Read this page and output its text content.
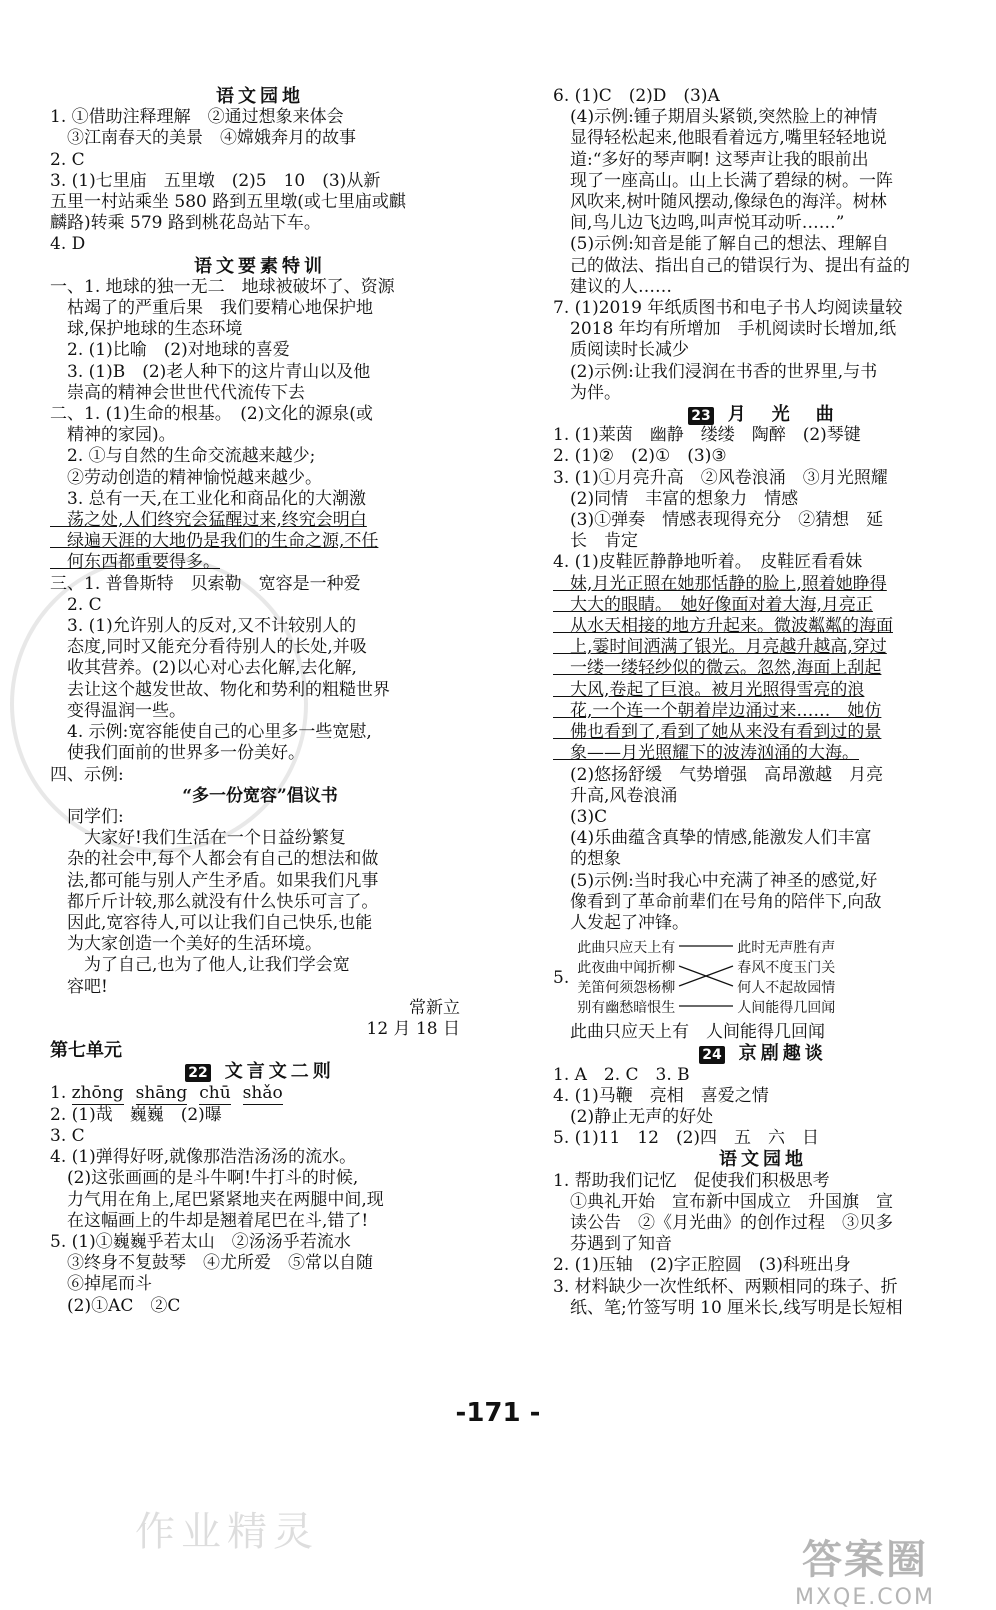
语文园地
1. ①借助注释理解　②通过想象来体会
　③江南春天的美景　④嫦娥奔月的故事
2. C
3. (1)七里庙　五里墩　(2)5　10　(3)从新
五里一村站乘坐 580 路到五里墩(或七里庙或麒
麟路)转乘 579 路到桃花岛站下车。
4. D
语文要素特训
一、1. 地球的独一无二　地球被破坏了、资源
　枯竭了的严重后果　我们要精心地保护地
　球,保护地球的生态环境
　2. (1)比喻　(2)对地球的喜爱
　3. (1)B　(2)老人种下的这片青山以及他
　崇高的精神会世世代代流传下去
二、1. (1)生命的根基。　(2)文化的源泉(或
　精神的家园)。
　2. ①与自然的生命交流越来越少;
　②劳动创造的精神愉悦越来越少。
　3. 总有一天,在工业化和商品化的大潮激
　荡之处,人们终究会猛醒过来,终究会明白
　绿遍天涯的大地仍是我们的生命之源,不任
　何东西都重要得多。
三、1. 普鲁斯特　贝索勒　宽容是一种爱
　2. C
　3. (1)允许别人的反对,又不计较别人的
　态度,同时又能充分看待别人的长处,并吸
　收其营养。(2)以心对心去化解,去化解,
　去让这个越发世故、物化和势利的粗糙世界
　变得温润一些。
　4. 示例:宽容能使自己的心里多一些宽慰,
　使我们面前的世界多一份美好。
四、示例:
“多一份宽容”倡议书
　同学们:
　　大家好!我们生活在一个日益纷繁复
　杂的社会中,每个人都会有自己的想法和做
　法,都可能与别人产生矛盾。如果我们凡事
　都斤斤计较,那么就没有什么快乐可言了。
　因此,宽容待人,可以让我们自己快乐,也能
　为大家创造一个美好的生活环境。
　　为了自己,也为了他人,让我们学会宽
　容吧!
常新立
12 月 18 日
第七单元
22 文言文二则
1. zhōng shāng chū shǎo
2. (1)哉　巍巍　(2)曝
3. C
4. (1)弹得好呀,就像那浩浩汤汤的流水。
　(2)这张画画的是斗牛啊!牛打斗的时候,
　力气用在角上,尾巴紧紧地夹在两腿中间,现
　在这幅画上的牛却是翘着尾巴在斗,错了!
5. (1)①巍巍乎若太山　②汤汤乎若流水
　③终身不复鼓琴　④尤所爱　⑤常以自随
　⑥掉尾而斗
　(2)①AC　②C
6. (1)C　(2)D　(3)A
　(4)示例:锺子期眉头紧锁,突然脸上的神情
　显得轻松起来,他眼看着远方,嘴里轻轻地说
　道:“多好的琴声啊! 这琴声让我的眼前出
　现了一座高山。山上长满了碧绿的树。一阵
　风吹来,树叶随风摆动,像绿色的海洋。树林
　间,鸟儿边飞边鸣,叫声悦耳动听……”
　(5)示例:知音是能了解自己的想法、理解自
　己的做法、指出自己的错误行为、提出有益的
　建议的人……
7. (1)2019 年纸质图书和电子书人均阅读量较
　2018 年均有所增加　手机阅读时长增加,纸
　质阅读时长减少
　(2)示例:让我们浸润在书香的世界里,与书
　为伴。
23 月　光　曲
1. (1)莱茵　幽静　缕缕　陶醉　(2)琴键
2. (1)②　(2)①　(3)③
3. (1)①月亮升高　②风卷浪涌　③月光照耀
　(2)同情　丰富的想象力　情感
　(3)①弹奏　情感表现得充分　②猜想　延
　长　肯定
4. (1)皮鞋匠静静地听着。　皮鞋匠看看妹
　妹,月光正照在她那恬静的脸上,照着她睁得
　大大的眼睛。　她好像面对着大海,月亮正
　从水天相接的地方升起来。微波粼粼的海面
　上,霎时间洒满了银光。月亮越升越高,穿过
　一缕一缕轻纱似的微云。忽然,海面上刮起
　大风,卷起了巨浪。被月光照得雪亮的浪
　花,一个连一个朝着岸边涌过来……　她仿
　佛也看到了,看到了她从来没有看到过的景
　象——月光照耀下的波涛汹涌的大海。
　(2)悠扬舒缓　气势增强　高昂激越　月亮
　升高,风卷浪涌
　(3)C
　(4)乐曲蕴含真挚的情感,能激发人们丰富
　的想象
　(5)示例:当时我心中充满了神圣的感觉,好
　像看到了革命前辈们在号角的陪伴下,向敌
　人发起了冲锋。
5.
此曲只应天上有
此夜曲中闻折柳
羌笛何须怨杨柳
别有幽愁暗恨生
此时无声胜有声
春风不度玉门关
何人不起故园情
人间能得几回闻
　此曲只应天上有　人间能得几回闻
24 京剧趣谈
1. A　2. C　3. B
4. (1)马鞭　亮相　喜爱之情
　(2)静止无声的好处
5. (1)11　12　(2)四　五　六　日
语文园地
1. 帮助我们记忆　促使我们积极思考
　①典礼开始　宣布新中国成立　升国旗　宣
　读公告　②《月光曲》的创作过程　③贝多
　芬遇到了知音
2. (1)压轴　(2)字正腔圆　(3)科班出身
3. 材料缺少一次性纸杯、两颗相同的珠子、折
　纸、笔;竹签写明 10 厘米长,线写明是长短相
-171 -
作业精灵
答案圈
MXQE.COM
